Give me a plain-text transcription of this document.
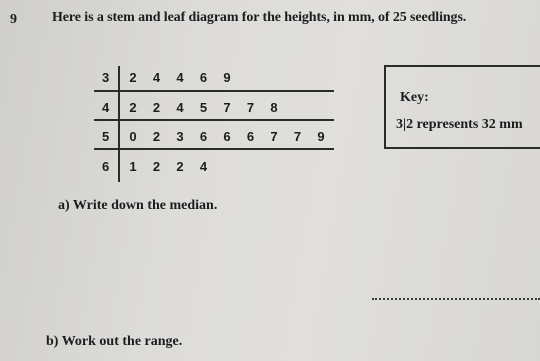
9	Here is a stem and leaf diagram for the heights, in mm, of 25 seedlings.
3	2 4 4 6 9
4	2 2 4 5 7 7 8
5	0 2 3 6 6 6 7 7 9
6	1 2 2 4
Key:
3|2 represents 32 mm
a) Write down the median.
b) Work out the range.
